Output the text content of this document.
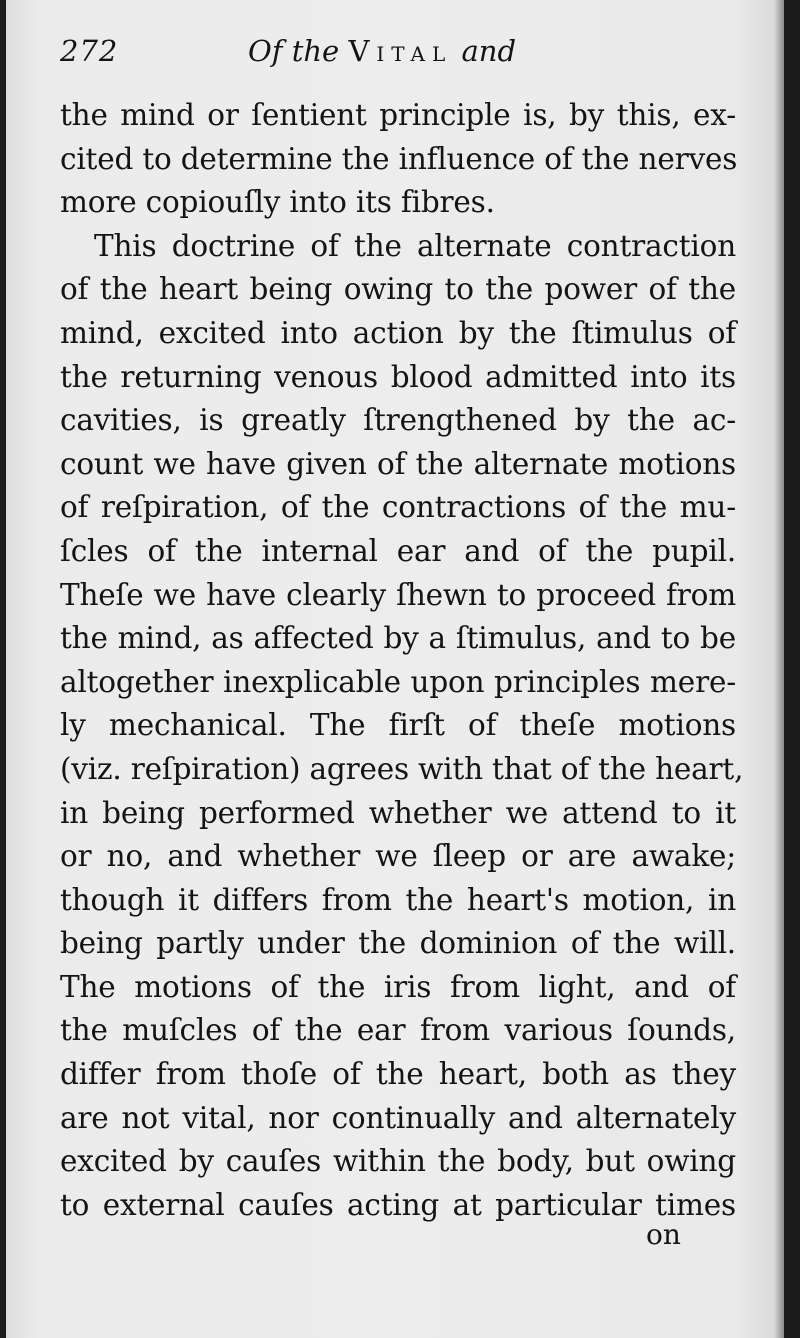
272	Of the Vital and
the mind or ſentient principle is, by this, ex-
cited to determine the influence of the nerves
more copiouſly into its fibres.
This doctrine of the alternate contraction
of the heart being owing to the power of the
mind, excited into action by the ſtimulus of
the returning venous blood admitted into its
cavities, is greatly ſtrengthened by the ac-
count we have given of the alternate motions
of reſpiration, of the contractions of the mu-
ſcles of the internal ear and of the pupil.
Theſe we have clearly ſhewn to proceed from
the mind, as affected by a ſtimulus, and to be
altogether inexplicable upon principles mere-
ly mechanical. The firſt of theſe motions
(viz. reſpiration) agrees with that of the heart,
in being performed whether we attend to it
or no, and whether we ſleep or are awake;
though it differs from the heart's motion, in
being partly under the dominion of the will.
The motions of the iris from light, and of
the muſcles of the ear from various ſounds,
differ from thoſe of the heart, both as they
are not vital, nor continually and alternately
excited by cauſes within the body, but owing
to external cauſes acting at particular times
on
